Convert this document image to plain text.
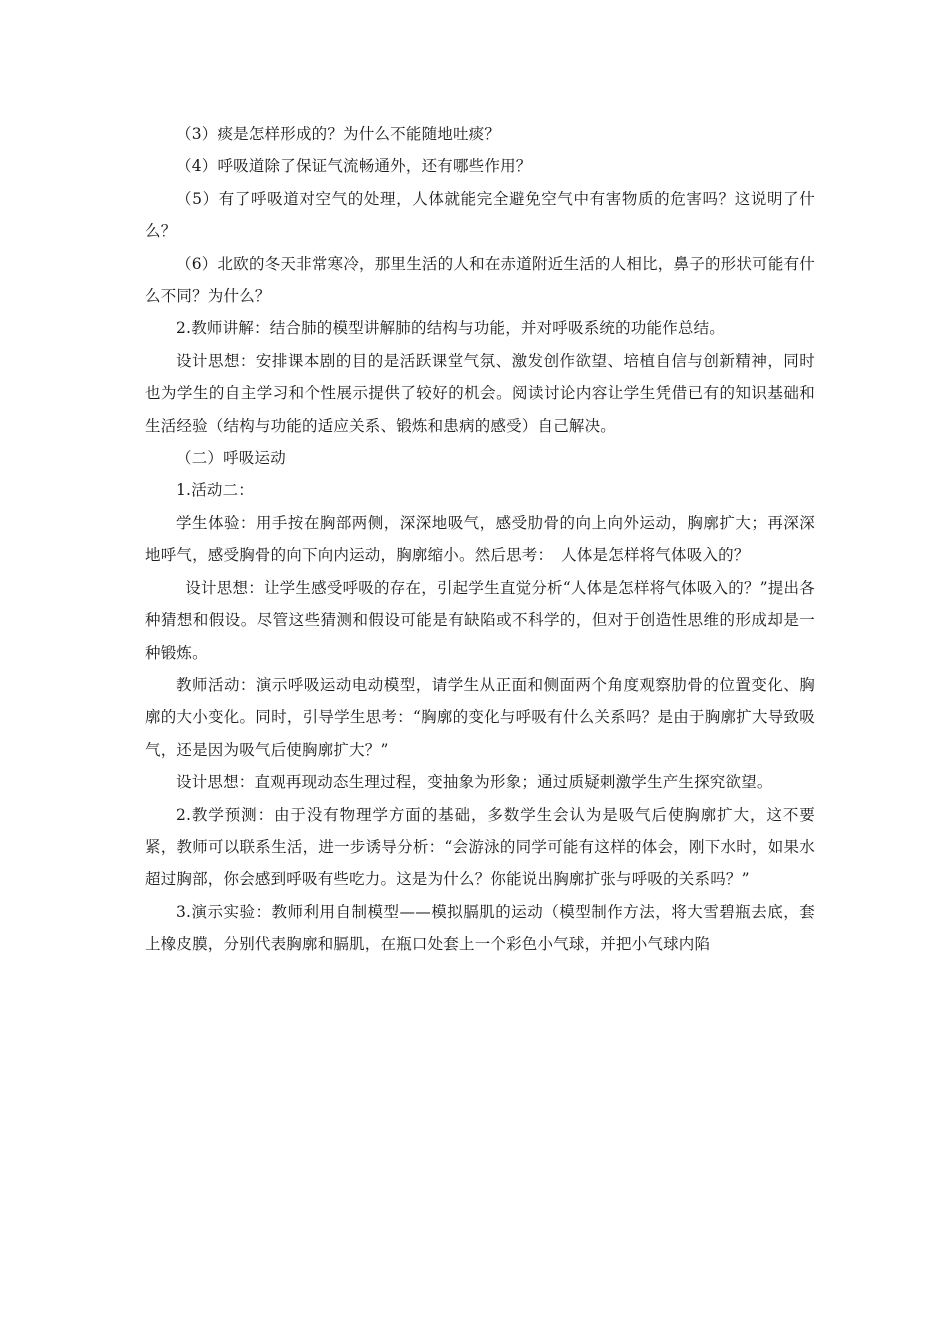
（3）痰是怎样形成的？为什么不能随地吐痰？

（4）呼吸道除了保证气流畅通外，还有哪些作用？

（5）有了呼吸道对空气的处理，人体就能完全避免空气中有害物质的危害吗？这说明了什么？

（6）北欧的冬天非常寒冷，那里生活的人和在赤道附近生活的人相比，鼻子的形状可能有什么不同？为什么？

2.教师讲解：结合肺的模型讲解肺的结构与功能，并对呼吸系统的功能作总结。

设计思想：安排课本剧的目的是活跃课堂气氛、激发创作欲望、培植自信与创新精神，同时也为学生的自主学习和个性展示提供了较好的机会。阅读讨论内容让学生凭借已有的知识基础和生活经验（结构与功能的适应关系、锻炼和患病的感受）自己解决。

（二）呼吸运动

1.活动二：

学生体验：用手按在胸部两侧，深深地吸气，感受肋骨的向上向外运动，胸廓扩大；再深深地呼气，感受胸骨的向下向内运动，胸廓缩小。然后思考：　人体是怎样将气体吸入的？

设计思想：让学生感受呼吸的存在，引起学生直觉分析“人体是怎样将气体吸入的？”提出各种猜想和假设。尽管这些猜测和假设可能是有缺陷或不科学的，但对于创造性思维的形成却是一种锻炼。

教师活动：演示呼吸运动电动模型，请学生从正面和侧面两个角度观察肋骨的位置变化、胸廓的大小变化。同时，引导学生思考：“胸廓的变化与呼吸有什么关系吗？是由于胸廓扩大导致吸气，还是因为吸气后使胸廓扩大？”

设计思想：直观再现动态生理过程，变抽象为形象；通过质疑刺激学生产生探究欲望。

2.教学预测：由于没有物理学方面的基础，多数学生会认为是吸气后使胸廓扩大，这不要紧，教师可以联系生活，进一步诱导分析：“会游泳的同学可能有这样的体会，刚下水时，如果水超过胸部，你会感到呼吸有些吃力。这是为什么？你能说出胸廓扩张与呼吸的关系吗？”

3.演示实验：教师利用自制模型——模拟膈肌的运动（模型制作方法，将大雪碧瓶去底，套上橡皮膜，分别代表胸廓和膈肌，在瓶口处套上一个彩色小气球，并把小气球内陷
